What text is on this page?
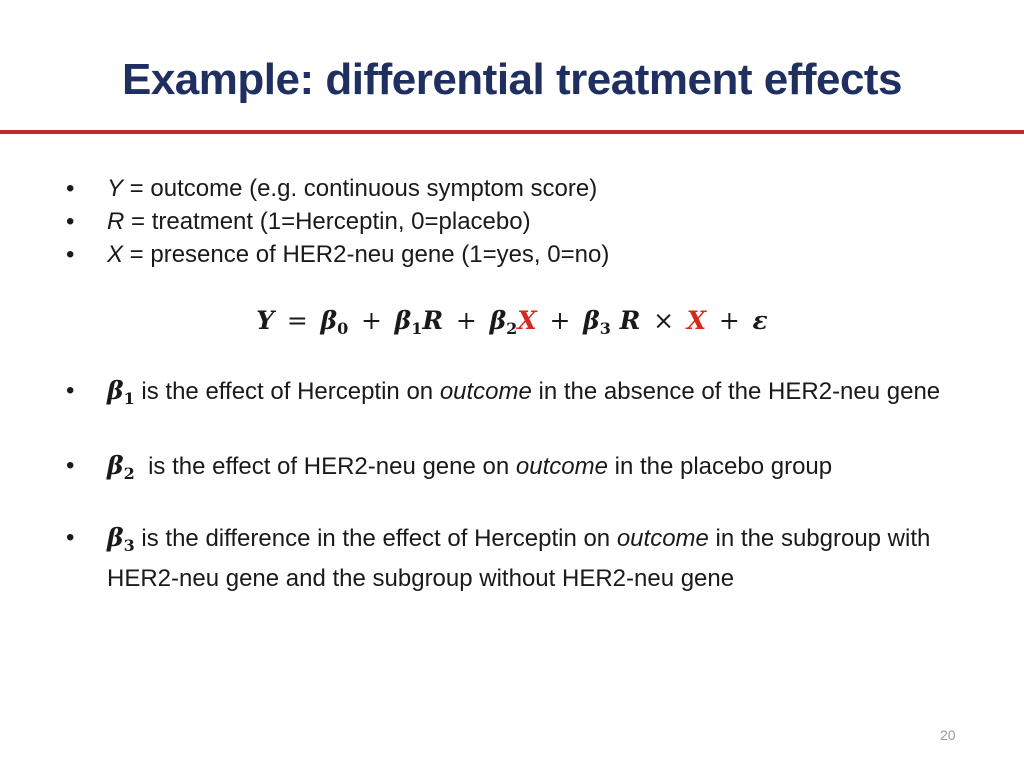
Example: differential treatment effects
• Y = outcome (e.g. continuous symptom score)
• R = treatment (1=Herceptin, 0=placebo)
• X = presence of HER2-neu gene (1=yes, 0=no)
$Y = \beta_0 + \beta_1R + \beta_2X + \beta_3$ R × X + ε
• $\beta_1$ is the effect of Herceptin on outcome in the absence of the HER2-neu gene
• $\beta_2$  is the effect of HER2-neu gene on outcome in the placebo group
• $\beta_3$ is the difference in the effect of Herceptin on outcome in the subgroup with HER2-neu gene and the subgroup without HER2-neu gene
20
